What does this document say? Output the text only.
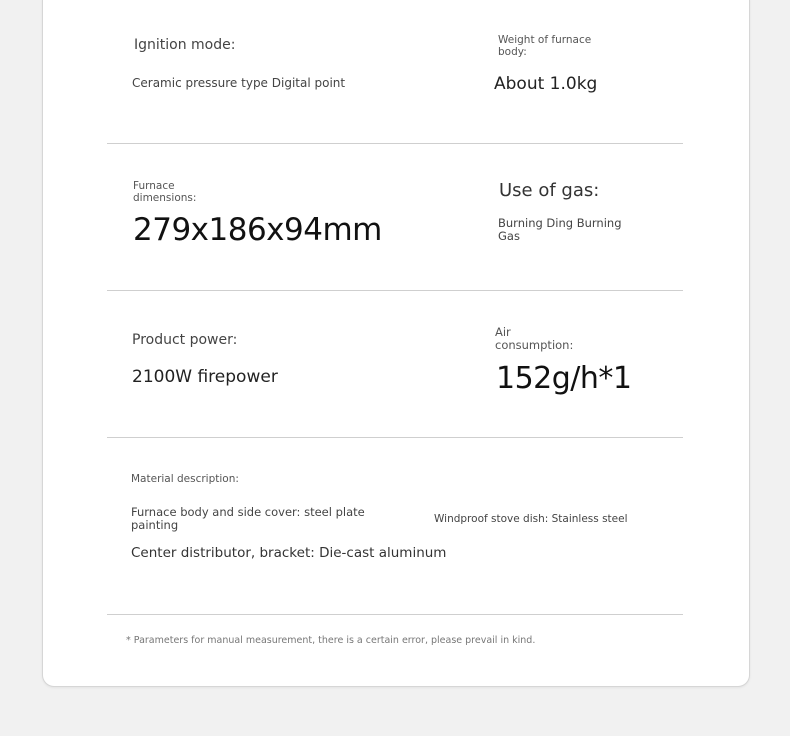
Ignition mode:
Ceramic pressure type Digital point
Weight of furnace body:
About 1.0kg
Furnace dimensions:
279x186x94mm
Use of gas:
Burning Ding Burning Gas
Product power:
2100W firepower
Air consumption:
152g/h*1
Material description:
Furnace body and side cover: steel plate painting	Windproof stove dish: Stainless steel
Center distributor, bracket: Die-cast aluminum
* Parameters for manual measurement, there is a certain error, please prevail in kind.
